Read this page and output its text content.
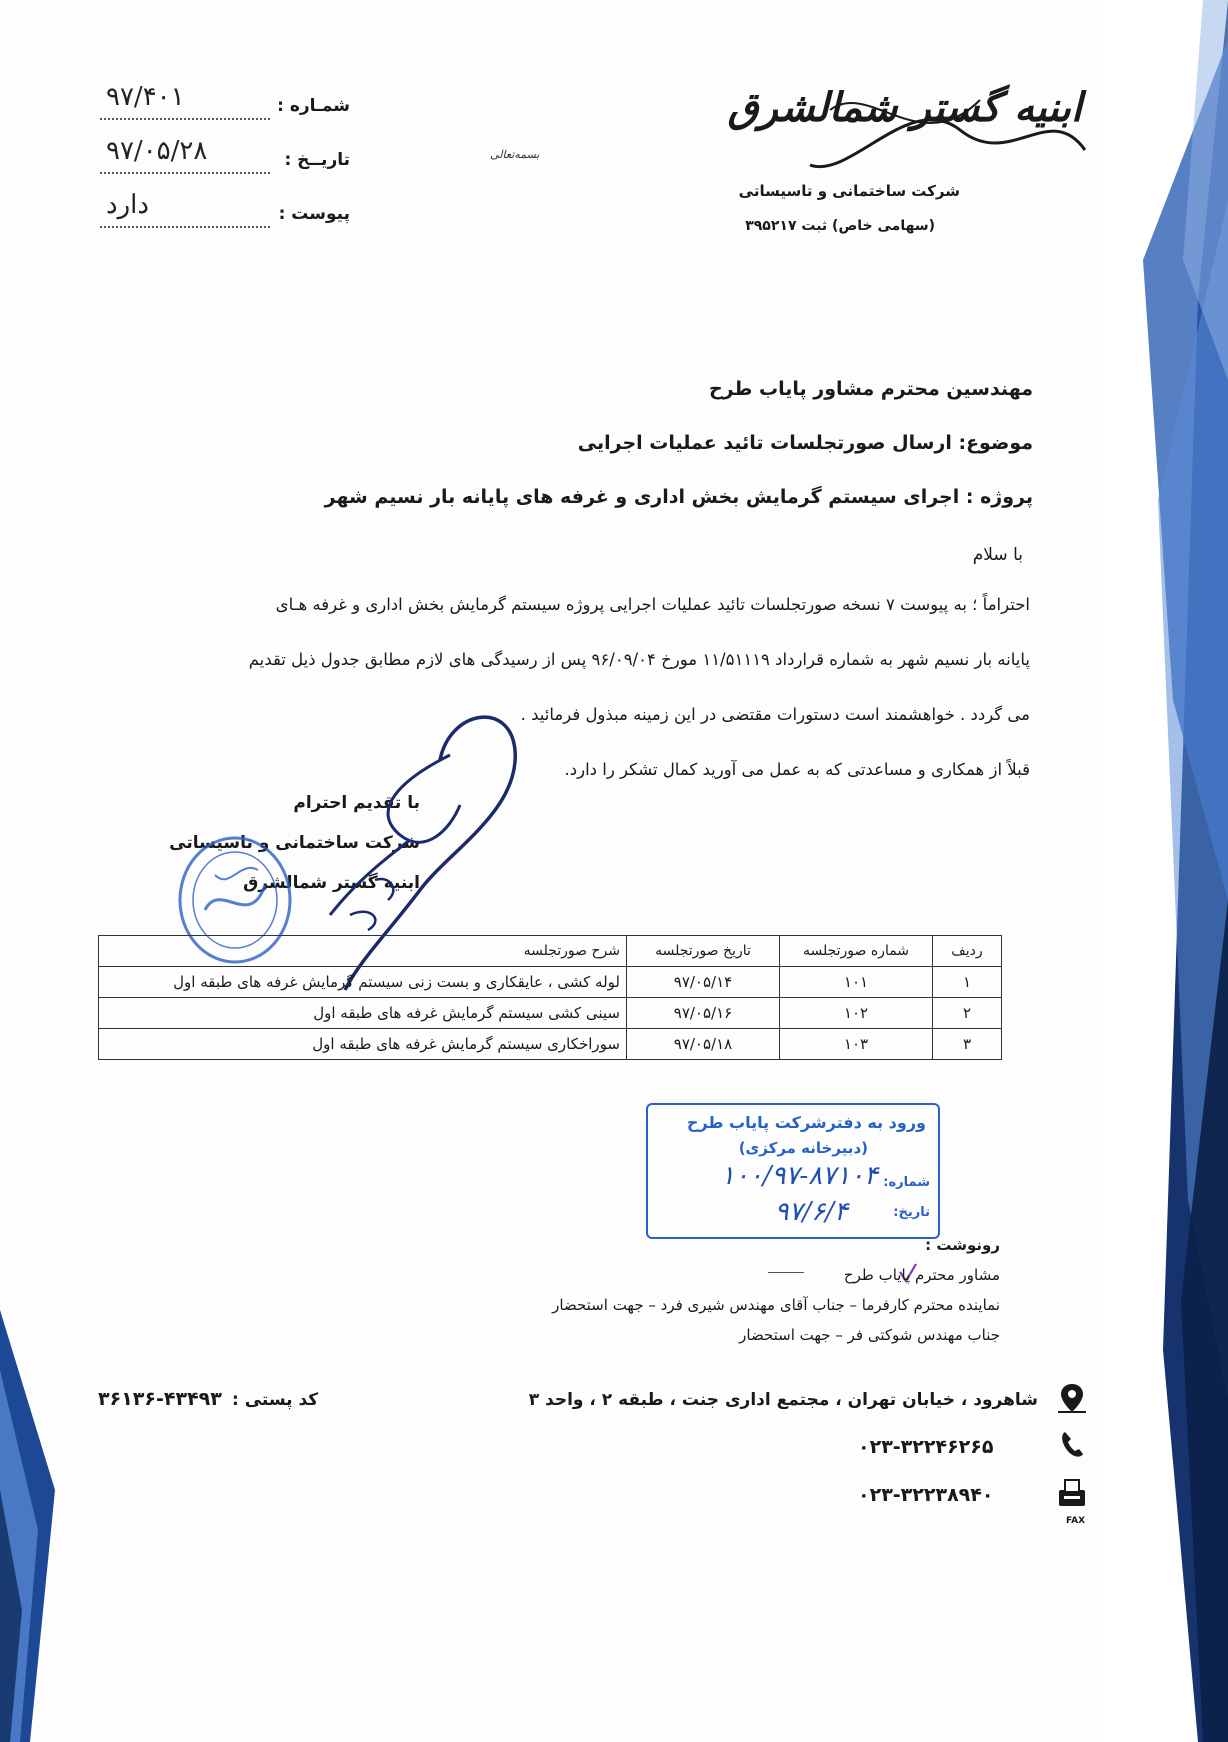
۹۷/۴۰۱	شمـاره :
۹۷/۰۵/۲۸	تاریــخ :
دارد	پیوست :
بسمه‌تعالی
ابنیه گستر شمالشرق
شرکت ساختمانی و تاسیساتی
(سهامی خاص) ثبت ۳۹۵۲۱۷
مهندسین محترم مشاور پایاب طرح
موضوع: ارسال صورتجلسات تائید عملیات اجرایی
پروژه : اجرای سیستم گرمایش بخش اداری و غرفه های پایانه بار نسیم شهر
با سلام
احتراماً ؛ به پیوست ۷ نسخه صورتجلسات تائید عملیات اجرایی پروژه سیستم گرمایش بخش اداری و غرفه هـای
پایانه بار نسیم شهر به شماره قرارداد ۱۱/۵۱۱۱۹ مورخ ۹۶/۰۹/۰۴ پس از رسیدگی های لازم مطابق جدول ذیل تقدیم
می گردد . خواهشمند است دستورات مقتضی در این زمینه مبذول فرمائید .
قبلاً از همکاری و مساعدتی که به عمل می آورید کمال تشکر را دارد.
با تقدیم احترام
شرکت ساختمانی و تاسیساتی
ابنیه گستر شمالشرق
ردیف	شماره صورتجلسه	تاریخ صورتجلسه	شرح صورتجلسه
۱	۱۰۱	۹۷/۰۵/۱۴	لوله کشی ، عایقکاری و بست زنی سیستم گرمایش غرفه های طبقه اول
۲	۱۰۲	۹۷/۰۵/۱۶	سینی کشی سیستم گرمایش غرفه های طبقه اول
۳	۱۰۳	۹۷/۰۵/۱۸	سوراخکاری سیستم گرمایش غرفه های طبقه اول
ورود به دفترشرکت پایاب طرح
(دبیرخانه مرکزی)
شماره:
۱۰۰/۹۷-۸۷۱۰۴
تاریخ:
۹۷/۶/۴
رونوشت :
مشاور محترم پایاب طرح
نماینده محترم کارفرما – جناب آقای مهندس شیری فرد – جهت استحضار
جناب مهندس شوکتی فر – جهت استحضار
شاهرود ، خیابان تهران ، مجتمع اداری جنت ، طبقه ۲ ، واحد ۳
کد پستی :
۳۶۱۳۶-۴۳۴۹۳
۰۲۳-۳۲۲۴۶۲۶۵
۰۲۳-۳۲۲۳۸۹۴۰
FAX
